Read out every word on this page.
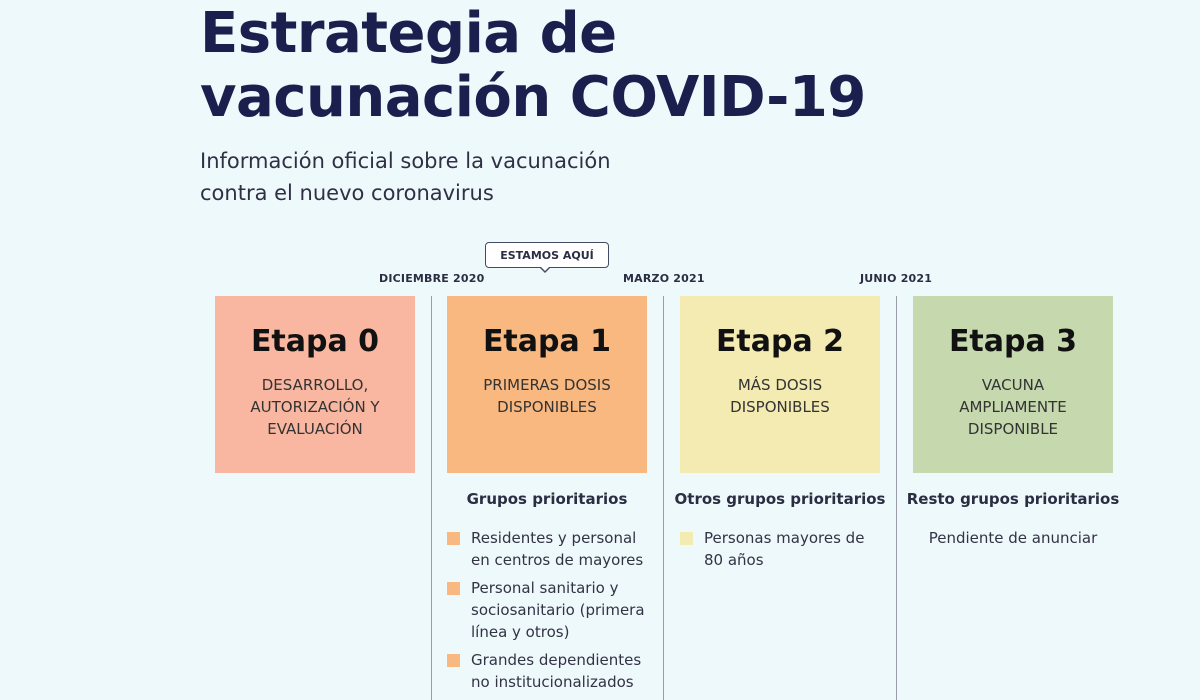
Estrategia de
vacunación COVID-19

Información oficial sobre la vacunación
contra el nuevo coronavirus

ESTAMOS AQUÍ
DICIEMBRE 2020	MARZO 2021	JUNIO 2021
Etapa 0
DESARROLLO,
AUTORIZACIÓN Y
EVALUACIÓN
Etapa 1
PRIMERAS DOSIS
DISPONIBLES
Etapa 2
MÁS DOSIS
DISPONIBLES
Etapa 3
VACUNA
AMPLIAMENTE
DISPONIBLE
Grupos prioritarios
Residentes y personal en centros de mayores
Personal sanitario y sociosanitario (primera línea y otros)
Grandes dependientes no institucionalizados
Otros grupos prioritarios
Personas mayores de 80 años
Resto grupos prioritarios
Pendiente de anunciar
